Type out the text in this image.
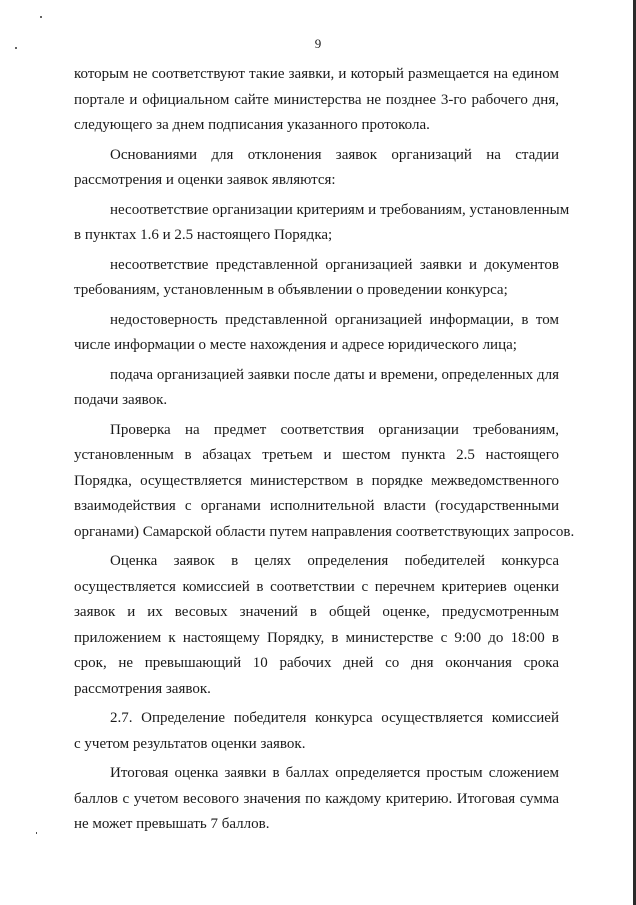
9
которым не соответствуют такие заявки, и который размещается на едином
портале и официальном сайте министерства не позднее 3-го рабочего дня,
следующего за днем подписания указанного протокола.
Основаниями для отклонения заявок организаций на стадии
рассмотрения и оценки заявок являются:
несоответствие организации критериям и требованиям, установленным
в пунктах 1.6 и 2.5 настоящего Порядка;
несоответствие представленной организацией заявки и документов
требованиям, установленным в объявлении о проведении конкурса;
недостоверность представленной организацией информации, в том
числе информации о месте нахождения и адресе юридического лица;
подача организацией заявки после даты и времени, определенных для
подачи заявок.
Проверка на предмет соответствия организации требованиям,
установленным в абзацах третьем и шестом пункта 2.5 настоящего
Порядка, осуществляется министерством в порядке межведомственного
взаимодействия с органами исполнительной власти (государственными
органами) Самарской области путем направления соответствующих запросов.
Оценка заявок в целях определения победителей конкурса
осуществляется комиссией в соответствии с перечнем критериев оценки
заявок и их весовых значений в общей оценке, предусмотренным
приложением к настоящему Порядку, в министерстве с 9:00 до 18:00 в
срок, не превышающий 10 рабочих дней со дня окончания срока
рассмотрения заявок.
2.7. Определение победителя конкурса осуществляется комиссией
с учетом результатов оценки заявок.
Итоговая оценка заявки в баллах определяется простым сложением
баллов с учетом весового значения по каждому критерию. Итоговая сумма
не может превышать 7 баллов.
